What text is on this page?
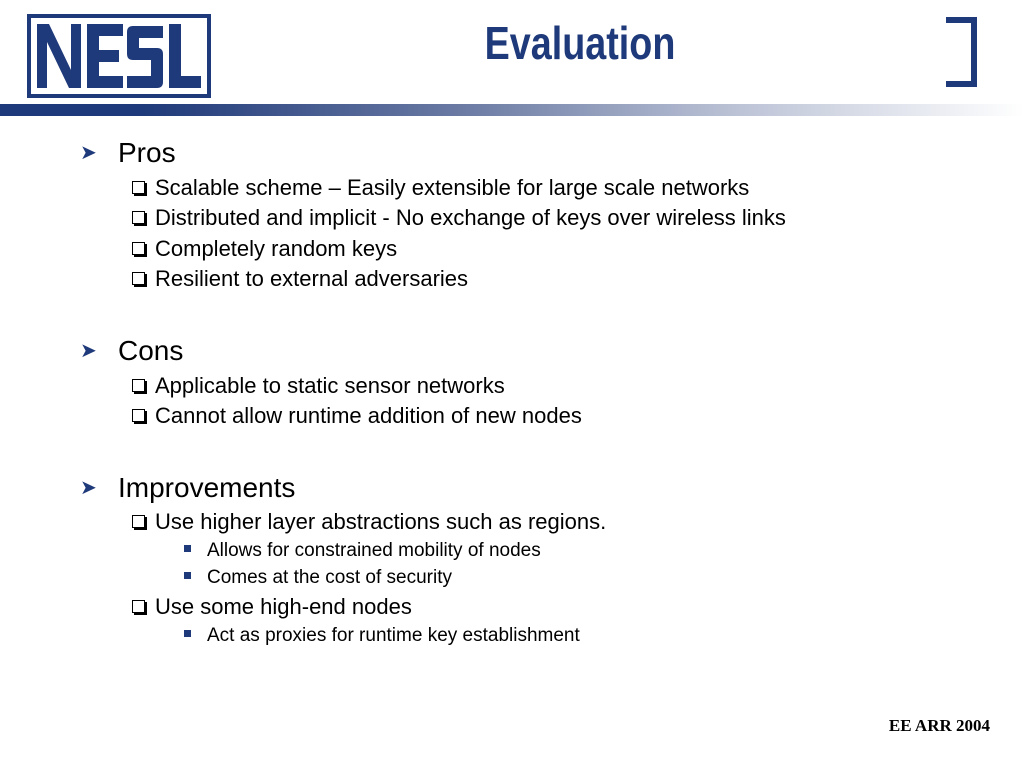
Evaluation
➤ Pros
Scalable scheme – Easily extensible for large scale networks
Distributed and implicit - No exchange of keys over wireless links
Completely random keys
Resilient to external adversaries
➤ Cons
Applicable to static sensor networks
Cannot allow runtime addition of new nodes
➤ Improvements
Use higher layer abstractions such as regions.
Allows for constrained mobility of nodes
Comes at the cost of security
Use some high-end nodes
Act as proxies for runtime key establishment
EE ARR 2004
